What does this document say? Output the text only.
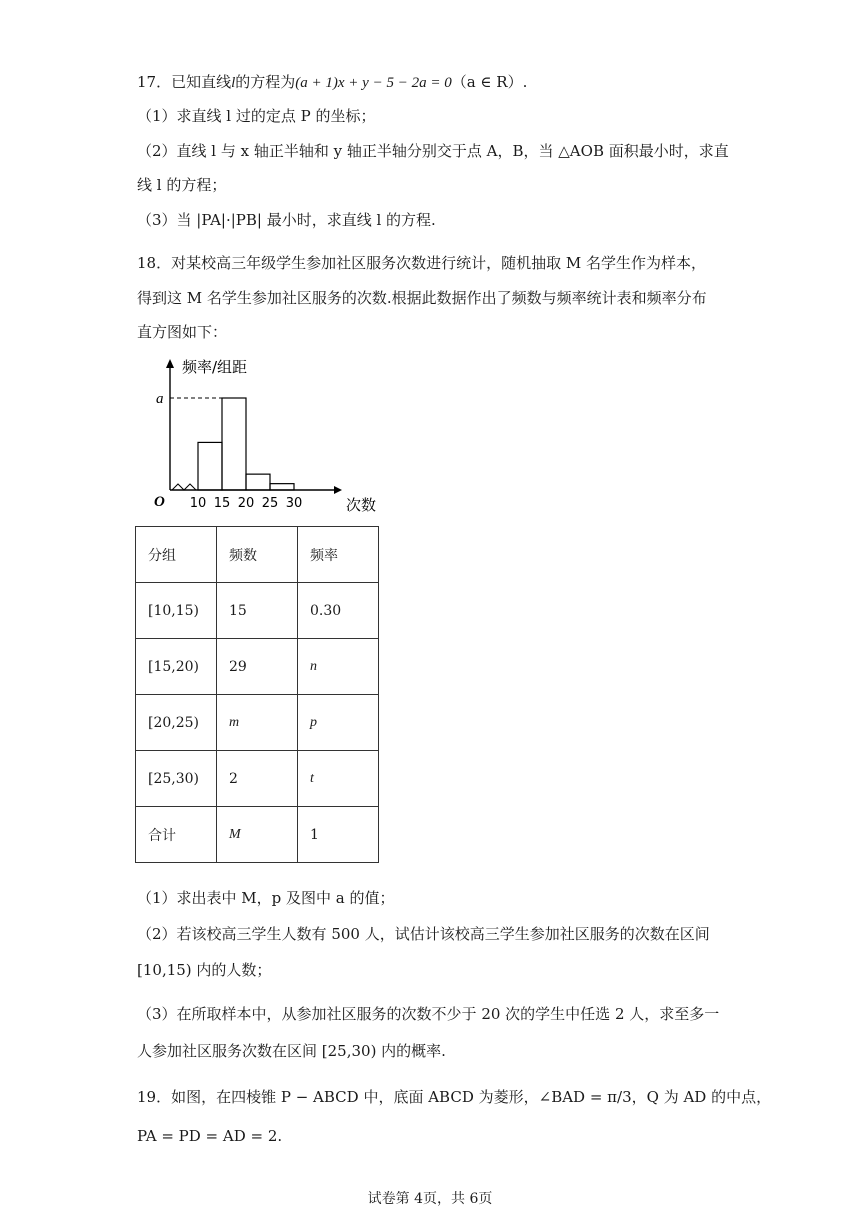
17．已知直线l的方程为(a + 1)x + y − 5 − 2a = 0（a ∈ R）.
（1）求直线 l 过的定点 P 的坐标；
（2）直线 l 与 x 轴正半轴和 y 轴正半轴分别交于点 A，B，当 △AOB 面积最小时，求直
线 l 的方程；
（3）当 |PA|·|PB| 最小时，求直线 l 的方程.
18．对某校高三年级学生参加社区服务次数进行统计，随机抽取 M 名学生作为样本，
得到这 M 名学生参加社区服务的次数.根据此数据作出了频数与频率统计表和频率分布
直方图如下：
频率/组距
a
O 10 15 20 25 30	次数
分组	频数	频率
[10,15)	15	0.30
[15,20)	29	n
[20,25)	m	p
[25,30)	2	t
合计	M	1
（1）求出表中 M，p 及图中 a 的值；
（2）若该校高三学生人数有 500 人，试估计该校高三学生参加社区服务的次数在区间
[10,15) 内的人数；
（3）在所取样本中，从参加社区服务的次数不少于 20 次的学生中任选 2 人，求至多一
人参加社区服务次数在区间 [25,30) 内的概率.
19．如图，在四棱锥 P − ABCD 中，底面 ABCD 为菱形，∠BAD = π/3，Q 为 AD 的中点，
PA = PD = AD = 2.
试卷第 4页，共 6页
